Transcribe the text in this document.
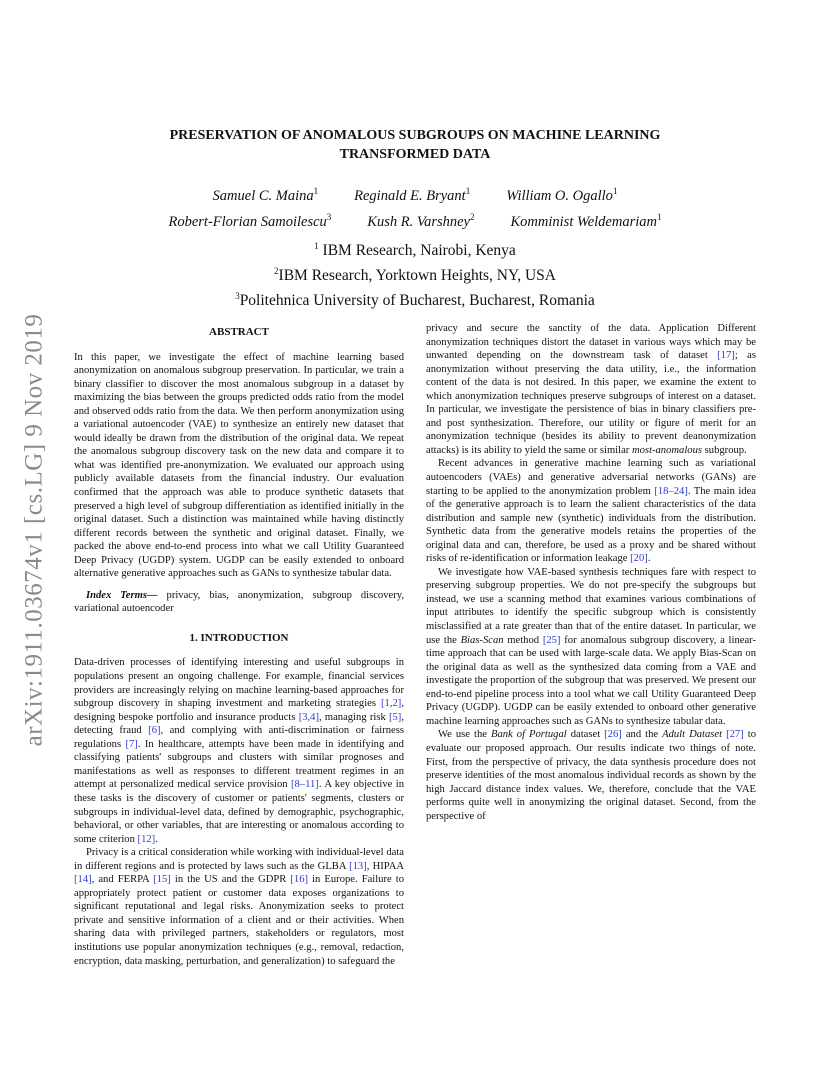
arXiv:1911.03674v1 [cs.LG] 9 Nov 2019
PRESERVATION OF ANOMALOUS SUBGROUPS ON MACHINE LEARNING
TRANSFORMED DATA
Samuel C. Maina$^1$ Reginald E. Bryant$^1$ William O. Ogallo$^1$
Robert-Florian Samoilescu$^3$ Kush R. Varshney$^2$ Komminist Weldemariam$^1$
$^1$ IBM Research, Nairobi, Kenya
$^2$IBM Research, Yorktown Heights, NY, USA
$^3$Politehnica University of Bucharest, Bucharest, Romania
ABSTRACT

In this paper, we investigate the effect of machine learning based anonymization on anomalous subgroup preservation. In particular, we train a binary classifier to discover the most anomalous subgroup in a dataset by maximizing the bias between the groups predicted odds ratio from the model and observed odds ratio from the data. We then perform anonymization using a variational autoencoder (VAE) to synthesize an entirely new dataset that would ideally be drawn from the distribution of the original data. We repeat the anomalous subgroup discovery task on the new data and compare it to what was identified pre-anonymization. We evaluated our approach using publicly available datasets from the financial industry. Our evaluation confirmed that the approach was able to produce synthetic datasets that preserved a high level of subgroup differentiation as identified initially in the original dataset. Such a distinction was maintained while having distinctly different records between the synthetic and original dataset. Finally, we packed the above end-to-end process into what we call Utility Guaranteed Deep Privacy (UGDP) system. UGDP can be easily extended to onboard alternative generative approaches such as GANs to synthesize tabular data.

Index Terms— privacy, bias, anonymization, subgroup discovery, variational autoencoder

1. INTRODUCTION

Data-driven processes of identifying interesting and useful subgroups in populations present an ongoing challenge. For example, financial services providers are increasingly relying on machine learning-based approaches for subgroup discovery in shaping investment and marketing strategies [1,2], designing bespoke portfolio and insurance products [3,4], managing risk [5], detecting fraud [6], and complying with anti-discrimination or fairness regulations [7]. In healthcare, attempts have been made in identifying and classifying patients' subgroups and clusters with similar prognoses and manifestations as well as responses to different treatment regimes in an attempt at personalized medical service provision [8–11]. A key objective in these tasks is the discovery of customer or patients' segments, clusters or subgroups in individual-level data, defined by demographic, psychographic, behavioral, or other variables, that are interesting or anomalous according to some criterion [12].

Privacy is a critical consideration while working with individual-level data in different regions and is protected by laws such as the GLBA [13], HIPAA [14], and FERPA [15] in the US and the GDPR [16] in Europe. Failure to appropriately protect patient or customer data exposes organizations to significant reputational and legal risks. Anonymization seeks to protect private and sensitive information of a client and or their activities. When sharing data with privileged partners, stakeholders or regulators, most institutions use popular anonymization techniques (e.g., removal, redaction, encryption, data masking, perturbation, and generalization) to safeguard the

privacy and secure the sanctity of the data. Application Different anonymization techniques distort the dataset in various ways which may be unwanted depending on the downstream task of dataset [17]; as anonymization without preserving the data utility, i.e., the information content of the data is not desired. In this paper, we examine the extent to which anonymization techniques preserve subgroups of interest on a dataset. In particular, we investigate the persistence of bias in binary classifiers pre- and post synthesization. Therefore, our utility or figure of merit for an anonymization technique (besides its ability to prevent deanonymization attacks) is its ability to yield the same or similar most-anomalous subgroup.

Recent advances in generative machine learning such as variational autoencoders (VAEs) and generative adversarial networks (GANs) are starting to be applied to the anonymization problem [18–24]. The main idea of the generative approach is to learn the salient characteristics of the data distribution and sample new (synthetic) individuals from the distribution. Synthetic data from the generative models retains the properties of the original data and can, therefore, be used as a proxy and be shared without risks of re-identification or information leakage [20].

We investigate how VAE-based synthesis techniques fare with respect to preserving subgroup properties. We do not pre-specify the subgroups but instead, we use a scanning method that examines various combinations of input attributes to identify the specific subgroup which is consistently misclassified at a rate greater than that of the entire dataset. In particular, we use the Bias-Scan method [25] for anomalous subgroup discovery, a linear-time approach that can be used with large-scale data. We apply Bias-Scan on the original data as well as the synthesized data coming from a VAE and investigate the proportion of the subgroup that was preserved. We present our end-to-end pipeline process into a tool what we call Utility Guaranteed Deep Privacy (UGDP). UGDP can be easily extended to onboard other generative machine learning approaches such as GANs to synthesize tabular data.

We use the Bank of Portugal dataset [26] and the Adult Dataset [27] to evaluate our proposed approach. Our results indicate two things of note. First, from the perspective of privacy, the data synthesis procedure does not preserve identities of the most anomalous individual records as shown by the high Jaccard distance index values. We, therefore, conclude that the VAE performs quite well in anonymizing the original dataset. Second, from the perspective of
